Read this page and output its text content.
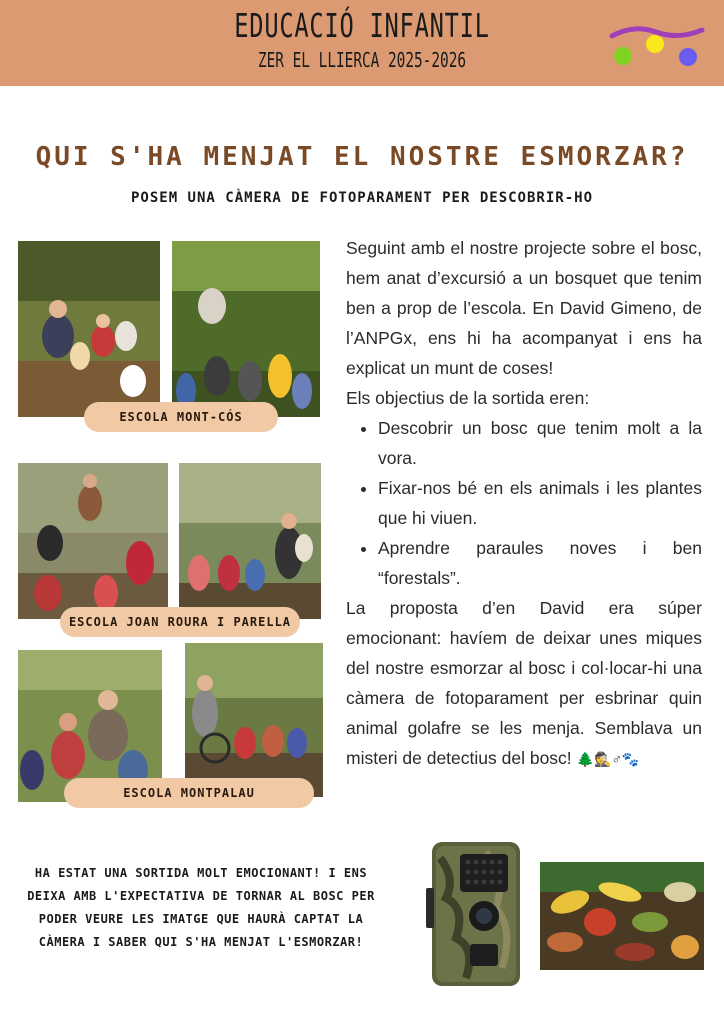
EDUCACIÓ INFANTIL
ZER EL LLIERCA 2025-2026
QUI S'HA MENJAT EL NOSTRE ESMORZAR?
POSEM UNA CÀMERA DE FOTOPARAMENT PER DESCOBRIR-HO
ESCOLA MONT-CÓS
ESCOLA JOAN ROURA I PARELLA
ESCOLA MONTPALAU

Seguint amb el nostre projecte sobre el bosc, hem anat d’excursió a un bosquet que tenim ben a prop de l’escola. En David Gimeno, de l’ANPGx, ens hi ha acompanyat i ens ha explicat un munt de coses!

Els objectius de la sortida eren:

• Descobrir un bosc que tenim molt a la vora.
• Fixar-nos bé en els animals i les plantes que hi viuen.
• Aprendre paraules noves i ben “forestals”.

La proposta d’en David era súper emocionant: havíem de deixar unes miques del nostre esmorzar al bosc i col·locar-hi una càmera de fotoparament per esbrinar quin animal golafre se les menja. Semblava un misteri de detectius del bosc! 🌲🕵♂🐾

HA ESTAT UNA SORTIDA MOLT EMOCIONANT! I ENS DEIXA AMB L'EXPECTATIVA DE TORNAR AL BOSC PER PODER VEURE LES IMATGE QUE HAURÀ CAPTAT LA CÀMERA I SABER QUI S'HA MENJAT L'ESMORZAR!
